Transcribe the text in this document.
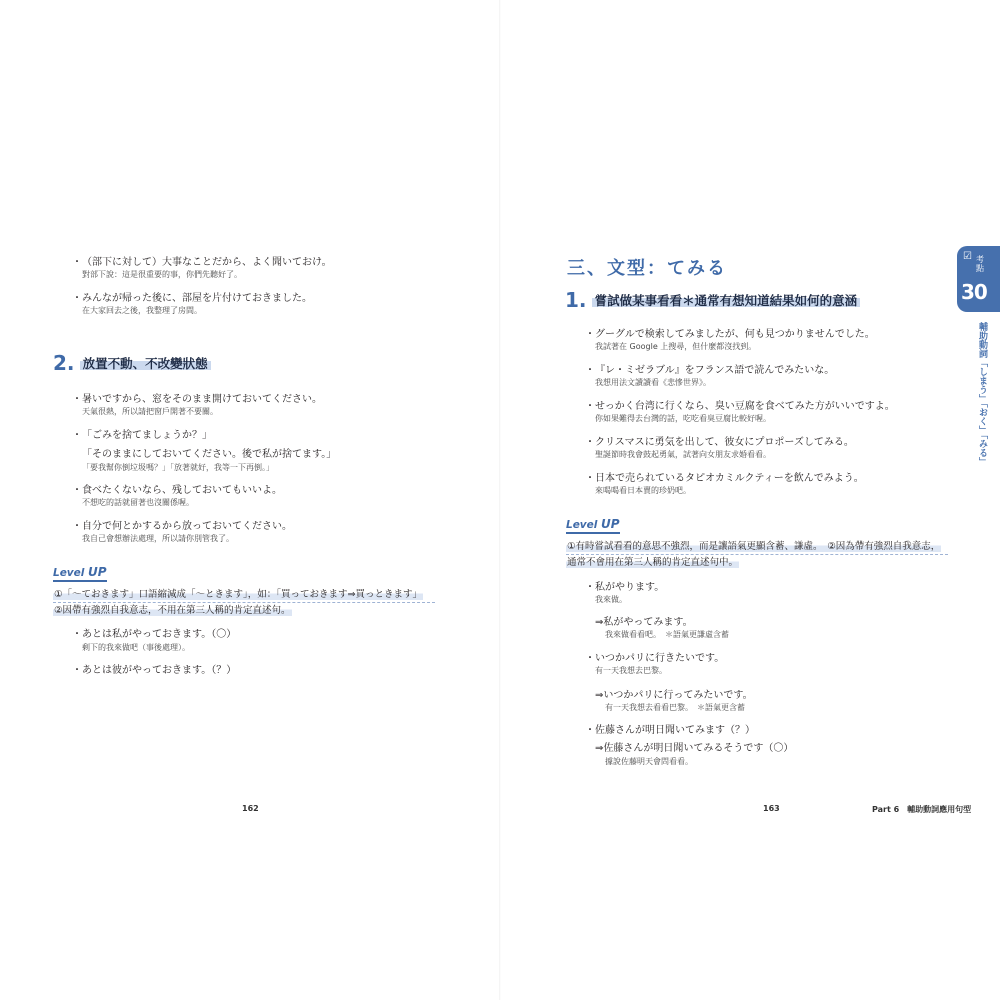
・（部下に対して）大事なことだから、よく聞いておけ。
對部下說：這是很重要的事，你們先聽好了。
・みんなが帰った後に、部屋を片付けておきました。
在大家回去之後，我整理了房間。
2. 放置不動、不改變狀態
・暑いですから、窓をそのまま開けておいてください。
天氣很熱，所以請把窗戶開著不要關。
・「ごみを捨てましょうか？」
「そのままにしておいてください。後で私が捨てます。」
「要我幫你倒垃圾嗎？」「放著就好，我等一下再倒。」
・食べたくないなら、残しておいてもいいよ。
不想吃的話就留著也沒關係喔。
・自分で何とかするから放っておいてください。
我自己會想辦法處理，所以請你別管我了。
Level UP
①「～ておきます」口語縮減成「～ときます」，如：「買っておきます⇒買っときます」
②因帶有強烈自我意志，不用在第三人稱的肯定直述句。
・あとは私がやっておきます。（〇）
剩下的我來做吧（事後處理）。
・あとは彼がやっておきます。（？）
162
三、文型：てみる
1. 嘗試做某事看看＊通常有想知道結果如何的意涵
・グーグルで検索してみましたが、何も見つかりませんでした。
我試著在 Google 上搜尋，但什麼都沒找到。
・『レ・ミゼラブル』をフランス語で読んでみたいな。
我想用法文讀讀看《悲慘世界》。
・せっかく台湾に行くなら、臭い豆腐を食べてみた方がいいですよ。
你如果難得去台灣的話，吃吃看臭豆腐比較好喔。
・クリスマスに勇気を出して、彼女にプロポーズしてみる。
聖誕節時我會鼓起勇氣，試著向女朋友求婚看看。
・日本で売られているタピオカミルクティーを飲んでみよう。
來喝喝看日本賣的珍奶吧。
Level UP
①有時嘗試看看的意思不強烈，而是讓語氣更顯含蓄、謙虛。　②因為帶有強烈自我意志，
通常不會用在第三人稱的肯定直述句中。
・私がやります。
我來做。
⇒私がやってみます。
我來做看看吧。　＊語氣更謙虛含蓄
・いつかパリに行きたいです。
有一天我想去巴黎。
⇒いつかパリに行ってみたいです。
有一天我想去看看巴黎。　＊語氣更含蓄
・佐藤さんが明日聞いてみます（？）
⇒佐藤さんが明日聞いてみるそうです（〇）
據說佐藤明天會問看看。
163	Part 6　輔助動詞應用句型
☑ 考點
30
輔助動詞「しまう」「おく」「みる」
